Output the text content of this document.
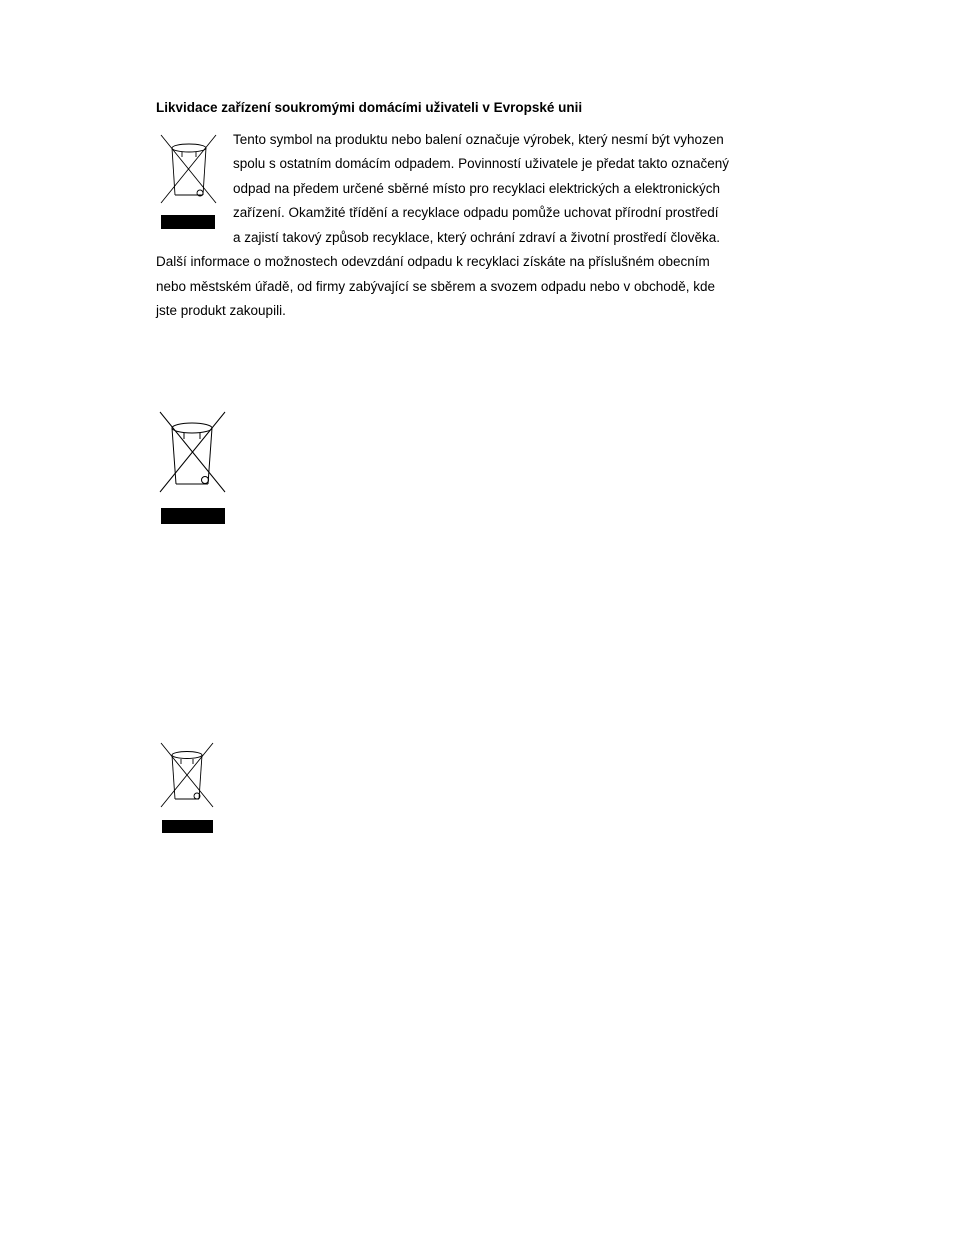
Likvidace zařízení soukromými domácími uživateli v Evropské unii
Tento symbol na produktu nebo balení označuje výrobek, který nesmí být vyhozen
spolu s ostatním domácím odpadem. Povinností uživatele je předat takto označený
odpad na předem určené sběrné místo pro recyklaci elektrických a elektronických
zařízení. Okamžité třídění a recyklace odpadu pomůže uchovat přírodní prostředí
a zajistí takový způsob recyklace, který ochrání zdraví a životní prostředí člověka.
Další informace o možnostech odevzdání odpadu k recyklaci získáte na příslušném obecním
nebo městském úřadě, od firmy zabývající se sběrem a svozem odpadu nebo v obchodě, kde
jste produkt zakoupili.
